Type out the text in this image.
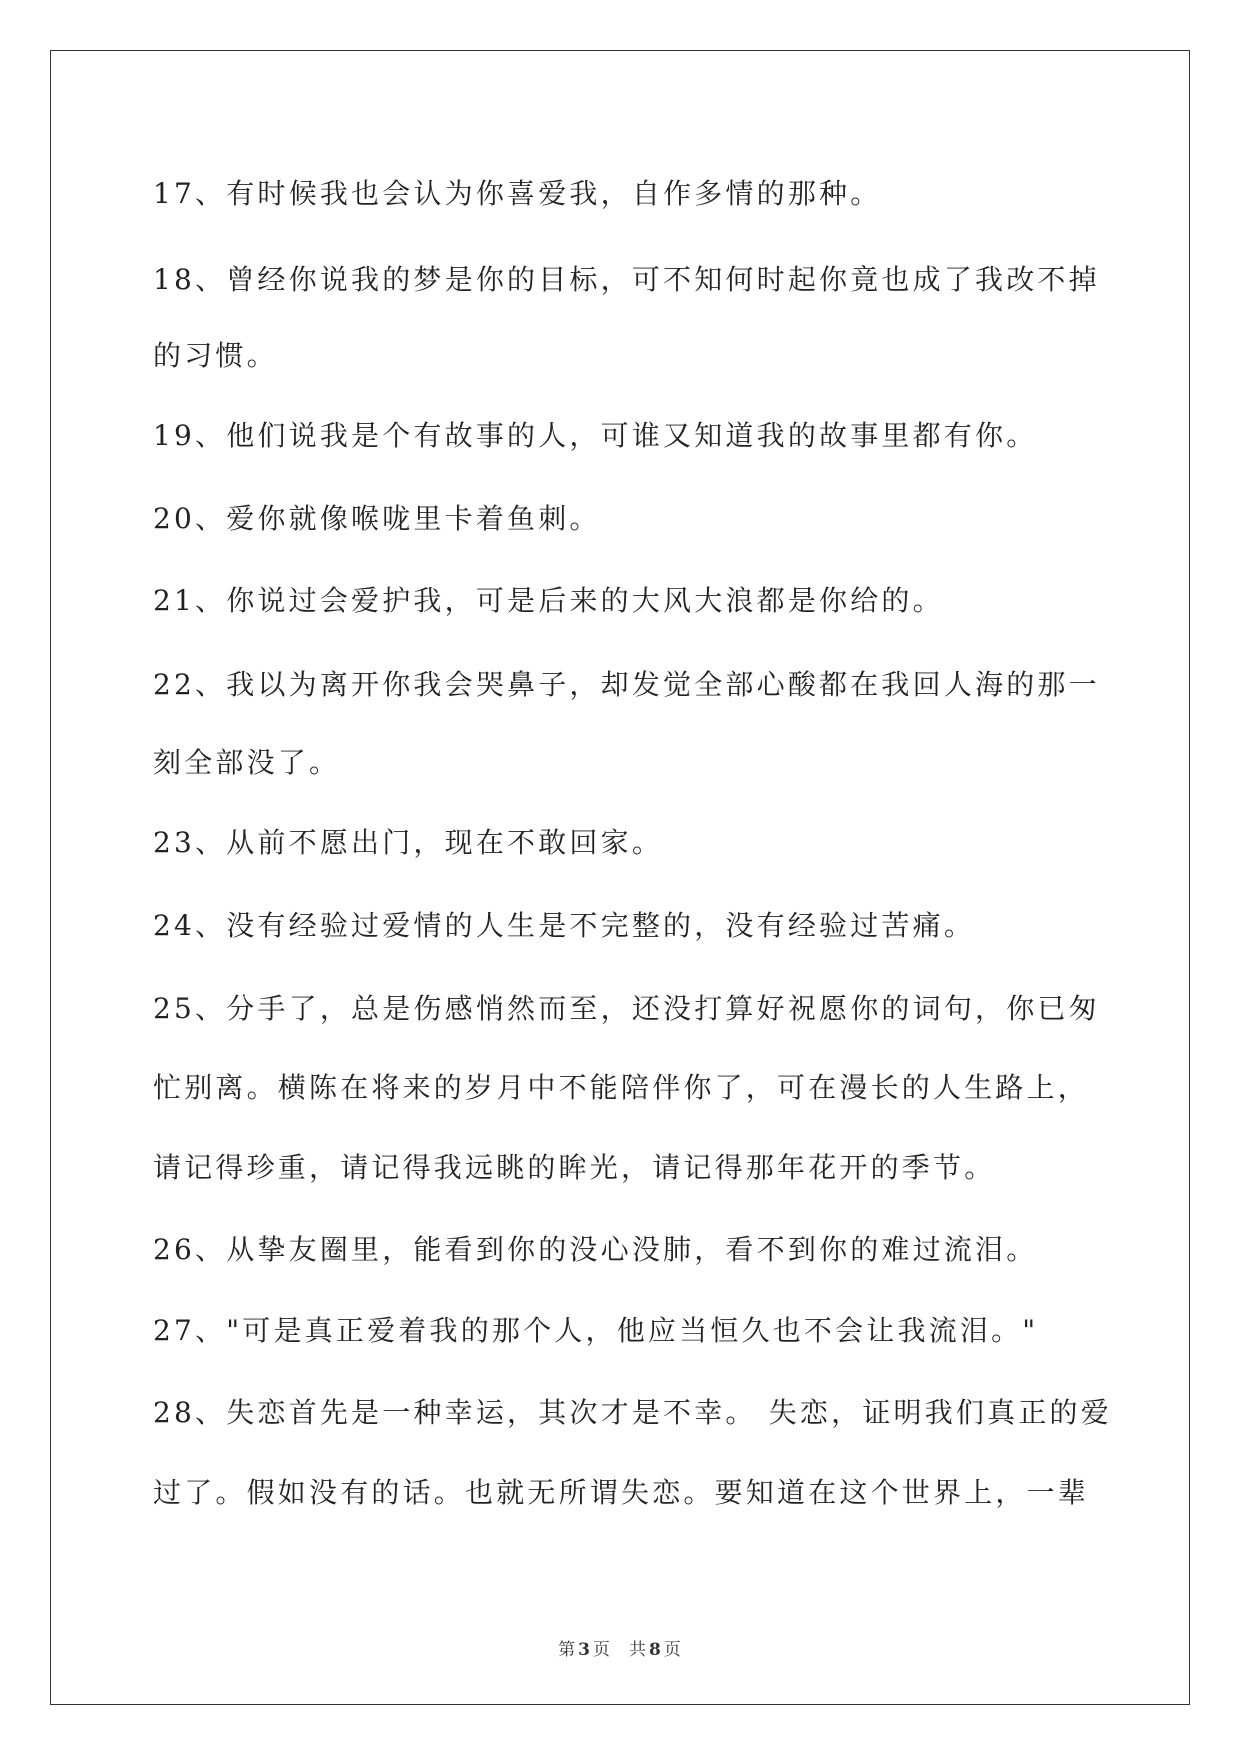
17、有时候我也会认为你喜爱我，自作多情的那种。
18、曾经你说我的梦是你的目标，可不知何时起你竟也成了我改不掉
的习惯。
19、他们说我是个有故事的人，可谁又知道我的故事里都有你。
20、爱你就像喉咙里卡着鱼刺。
21、你说过会爱护我，可是后来的大风大浪都是你给的。
22、我以为离开你我会哭鼻子，却发觉全部心酸都在我回人海的那一
刻全部没了。
23、从前不愿出门，现在不敢回家。
24、没有经验过爱情的人生是不完整的，没有经验过苦痛。
25、分手了，总是伤感悄然而至，还没打算好祝愿你的词句，你已匆
忙别离。横陈在将来的岁月中不能陪伴你了，可在漫长的人生路上，
请记得珍重，请记得我远眺的眸光，请记得那年花开的季节。
26、从挚友圈里，能看到你的没心没肺，看不到你的难过流泪。
27、"可是真正爱着我的那个人，他应当恒久也不会让我流泪。"
28、失恋首先是一种幸运，其次才是不幸。 失恋，证明我们真正的爱
过了。假如没有的话。也就无所谓失恋。要知道在这个世界上，一辈
第 3 页 共 8 页
